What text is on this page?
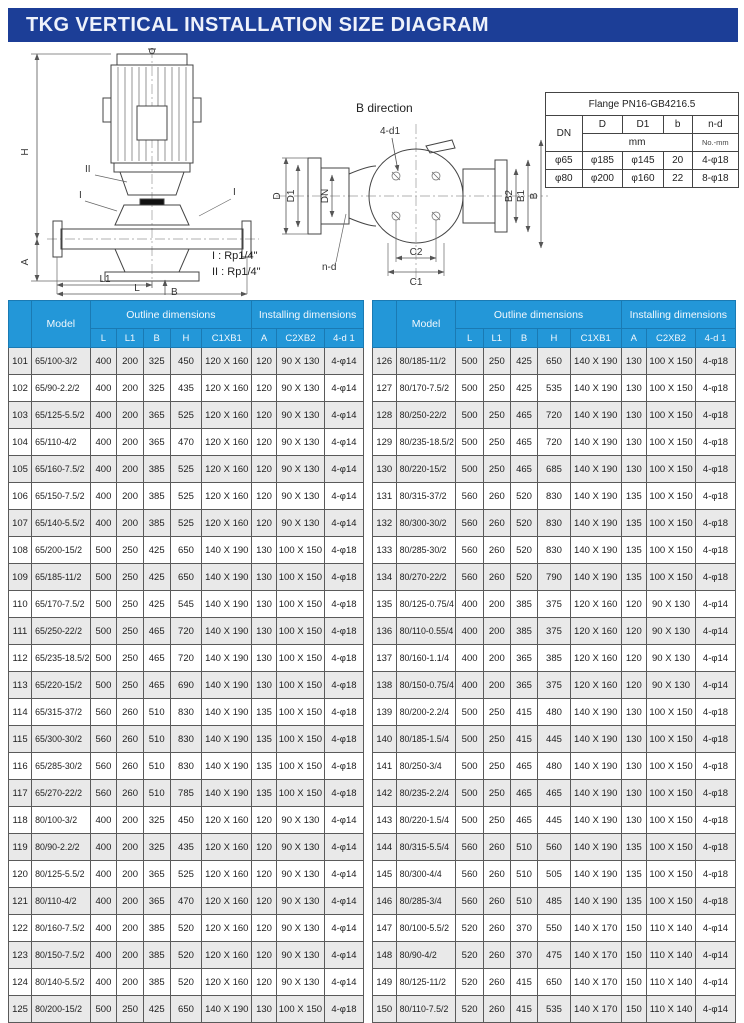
TKG VERTICAL INSTALLATION SIZE DIAGRAM
H
A
L1
L	B
II
I	I
B direction
4-d1
n-d
D D1 DN	B2 B1 B
C2
C1
I : Rp1/4"
II : Rp1/4"
Flange PN16-GB4216.5				
DN	D	D1	b	n-d
	mm			No.-mm
φ65	φ185	φ145	20	4-φ18
φ80	φ200	φ160	22	8-φ18
	Model	Outline dimensions					Installing dimensions		
		L	L1	B	H	C1XB1	A	C2XB2	4-d 1
101	65/100-3/2	400	200	325	450	120 X 160	120	90 X 130	4-φ14
102	65/90-2.2/2	400	200	325	435	120 X 160	120	90 X 130	4-φ14
103	65/125-5.5/2	400	200	365	525	120 X 160	120	90 X 130	4-φ14
104	65/110-4/2	400	200	365	470	120 X 160	120	90 X 130	4-φ14
105	65/160-7.5/2	400	200	385	525	120 X 160	120	90 X 130	4-φ14
106	65/150-7.5/2	400	200	385	525	120 X 160	120	90 X 130	4-φ14
107	65/140-5.5/2	400	200	385	525	120 X 160	120	90 X 130	4-φ14
108	65/200-15/2	500	250	425	650	140 X 190	130	100 X 150	4-φ18
109	65/185-11/2	500	250	425	650	140 X 190	130	100 X 150	4-φ18
110	65/170-7.5/2	500	250	425	545	140 X 190	130	100 X 150	4-φ18
111	65/250-22/2	500	250	465	720	140 X 190	130	100 X 150	4-φ18
112	65/235-18.5/2	500	250	465	720	140 X 190	130	100 X 150	4-φ18
113	65/220-15/2	500	250	465	690	140 X 190	130	100 X 150	4-φ18
114	65/315-37/2	560	260	510	830	140 X 190	135	100 X 150	4-φ18
115	65/300-30/2	560	260	510	830	140 X 190	135	100 X 150	4-φ18
116	65/285-30/2	560	260	510	830	140 X 190	135	100 X 150	4-φ18
117	65/270-22/2	560	260	510	785	140 X 190	135	100 X 150	4-φ18
118	80/100-3/2	400	200	325	450	120 X 160	120	90 X 130	4-φ14
119	80/90-2.2/2	400	200	325	435	120 X 160	120	90 X 130	4-φ14
120	80/125-5.5/2	400	200	365	525	120 X 160	120	90 X 130	4-φ14
121	80/110-4/2	400	200	365	470	120 X 160	120	90 X 130	4-φ14
122	80/160-7.5/2	400	200	385	520	120 X 160	120	90 X 130	4-φ14
123	80/150-7.5/2	400	200	385	520	120 X 160	120	90 X 130	4-φ14
124	80/140-5.5/2	400	200	385	520	120 X 160	120	90 X 130	4-φ14
125	80/200-15/2	500	250	425	650	140 X 190	130	100 X 150	4-φ18
	Model	Outline dimensions					Installing dimensions		
		L	L1	B	H	C1XB1	A	C2XB2	4-d 1
126	80/185-11/2	500	250	425	650	140 X 190	130	100 X 150	4-φ18
127	80/170-7.5/2	500	250	425	535	140 X 190	130	100 X 150	4-φ18
128	80/250-22/2	500	250	465	720	140 X 190	130	100 X 150	4-φ18
129	80/235-18.5/2	500	250	465	720	140 X 190	130	100 X 150	4-φ18
130	80/220-15/2	500	250	465	685	140 X 190	130	100 X 150	4-φ18
131	80/315-37/2	560	260	520	830	140 X 190	135	100 X 150	4-φ18
132	80/300-30/2	560	260	520	830	140 X 190	135	100 X 150	4-φ18
133	80/285-30/2	560	260	520	830	140 X 190	135	100 X 150	4-φ18
134	80/270-22/2	560	260	520	790	140 X 190	135	100 X 150	4-φ18
135	80/125-0.75/4	400	200	385	375	120 X 160	120	90 X 130	4-φ14
136	80/110-0.55/4	400	200	385	375	120 X 160	120	90 X 130	4-φ14
137	80/160-1.1/4	400	200	365	385	120 X 160	120	90 X 130	4-φ14
138	80/150-0.75/4	400	200	365	375	120 X 160	120	90 X 130	4-φ14
139	80/200-2.2/4	500	250	415	480	140 X 190	130	100 X 150	4-φ18
140	80/185-1.5/4	500	250	415	445	140 X 190	130	100 X 150	4-φ18
141	80/250-3/4	500	250	465	480	140 X 190	130	100 X 150	4-φ18
142	80/235-2.2/4	500	250	465	465	140 X 190	130	100 X 150	4-φ18
143	80/220-1.5/4	500	250	465	445	140 X 190	130	100 X 150	4-φ18
144	80/315-5.5/4	560	260	510	560	140 X 190	135	100 X 150	4-φ18
145	80/300-4/4	560	260	510	505	140 X 190	135	100 X 150	4-φ18
146	80/285-3/4	560	260	510	485	140 X 190	135	100 X 150	4-φ18
147	80/100-5.5/2	520	260	370	550	140 X 170	150	110 X 140	4-φ14
148	80/90-4/2	520	260	370	475	140 X 170	150	110 X 140	4-φ14
149	80/125-11/2	520	260	415	650	140 X 170	150	110 X 140	4-φ14
150	80/110-7.5/2	520	260	415	535	140 X 170	150	110 X 140	4-φ14
